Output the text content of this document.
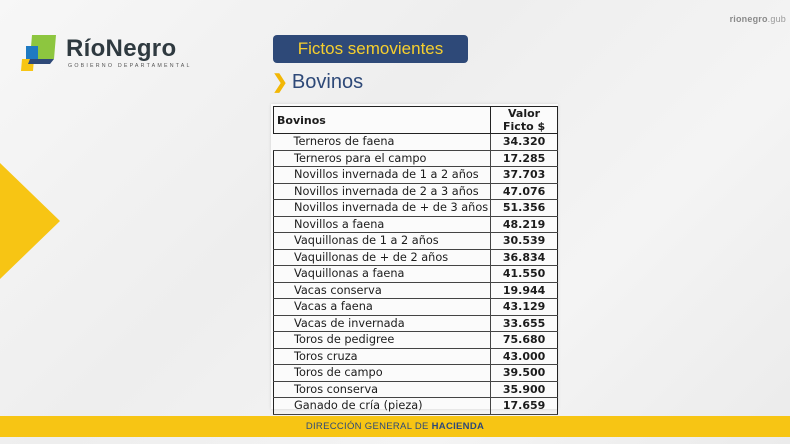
rionegro.gub
RíoNegro
GOBIERNO DEPARTAMENTAL
Fictos semovientes
❯ Bovinos
Bovinos	Valor Ficto $
Terneros de faena	34.320
Terneros para el campo	17.285
Novillos invernada de 1 a 2 años	37.703
Novillos invernada de 2 a 3 años	47.076
Novillos invernada de + de 3 años	51.356
Novillos a faena	48.219
Vaquillonas de 1 a 2 años	30.539
Vaquillonas de + de 2 años	36.834
Vaquillonas a faena	41.550
Vacas conserva	19.944
Vacas a faena	43.129
Vacas de invernada	33.655
Toros de pedigree	75.680
Toros cruza	43.000
Toros de campo	39.500
Toros conserva	35.900
Ganado de cría (pieza)	17.659
DIRECCIÓN GENERAL DE HACIENDA
